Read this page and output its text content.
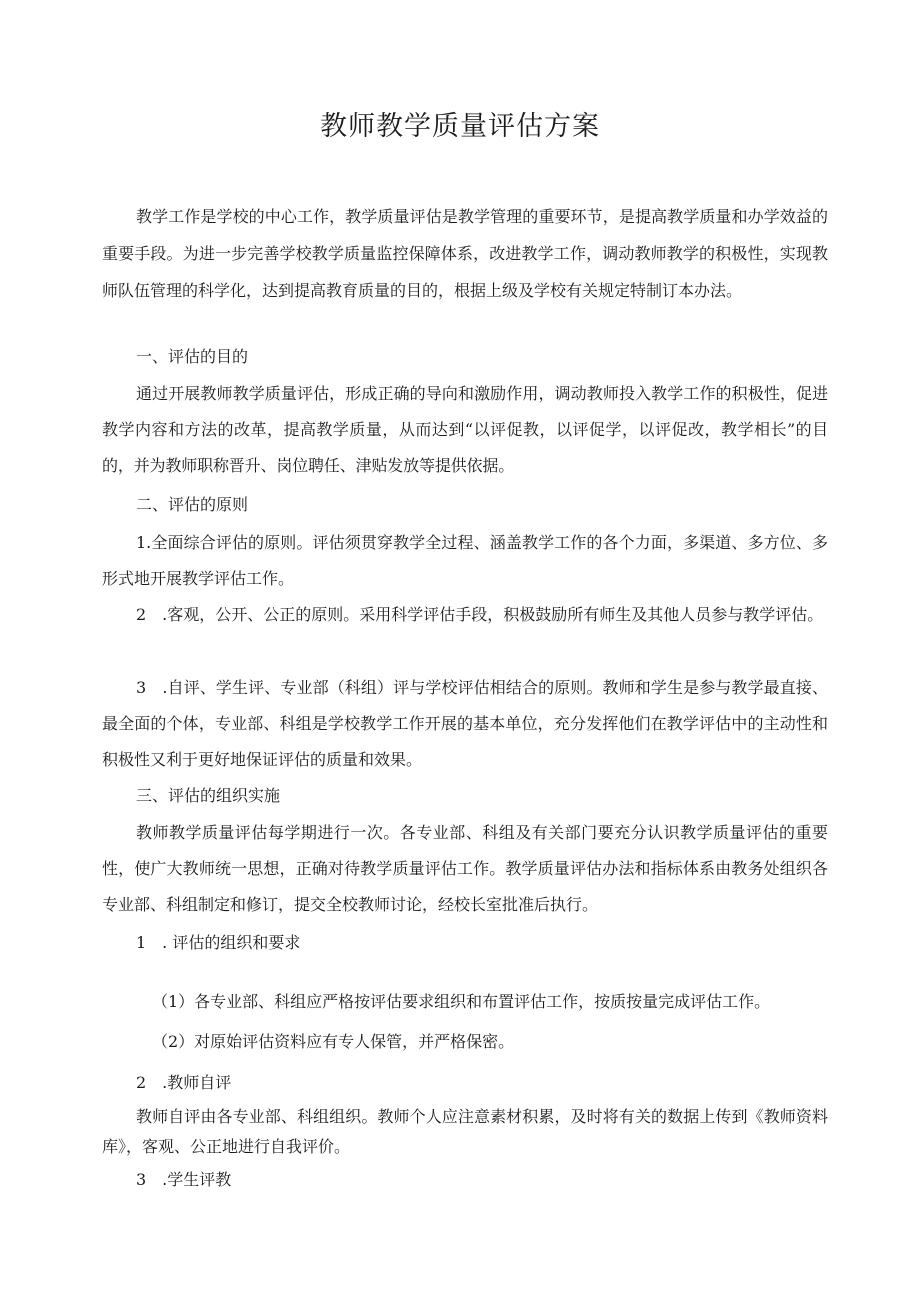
教师教学质量评估方案

教学工作是学校的中心工作，教学质量评估是教学管理的重要环节，是提高教学质量和办学效益的重要手段。为进一步完善学校教学质量监控保障体系，改进教学工作，调动教师教学的积极性，实现教师队伍管理的科学化，达到提高教育质量的目的，根据上级及学校有关规定特制订本办法。

一、评估的目的

通过开展教师教学质量评估，形成正确的导向和激励作用，调动教师投入教学工作的积极性，促进教学内容和方法的改革，提高教学质量，从而达到“以评促教，以评促学，以评促改，教学相长”的目的，并为教师职称晋升、岗位聘任、津贴发放等提供依据。

二、评估的原则

1.全面综合评估的原则。评估须贯穿教学全过程、涵盖教学工作的各个力面，多渠道、多方位、多形式地开展教学评估工作。

2　.客观，公开、公正的原则。采用科学评估手段，积极鼓励所有师生及其他人员参与教学评估。

3　.自评、学生评、专业部（科组）评与学校评估相结合的原则。教师和学生是参与教学最直接、最全面的个体，专业部、科组是学校教学工作开展的基本单位，充分发挥他们在教学评估中的主动性和积极性又利于更好地保证评估的质量和效果。

三、评估的组织实施

教师教学质量评估每学期进行一次。各专业部、科组及有关部门要充分认识教学质量评估的重要性，使广大教师统一思想，正确对待教学质量评估工作。教学质量评估办法和指标体系由教务处组织各专业部、科组制定和修订，提交全校教师讨论，经校长室批准后执行。

1　. 评估的组织和要求
（1）各专业部、科组应严格按评估要求组织和布置评估工作，按质按量完成评估工作。
（2）对原始评估资料应有专人保管，并严格保密。
2　.教师自评

教师自评由各专业部、科组组织。教师个人应注意素材积累，及时将有关的数据上传到《教师资料库》，客观、公正地进行自我评价。

3　.学生评教
